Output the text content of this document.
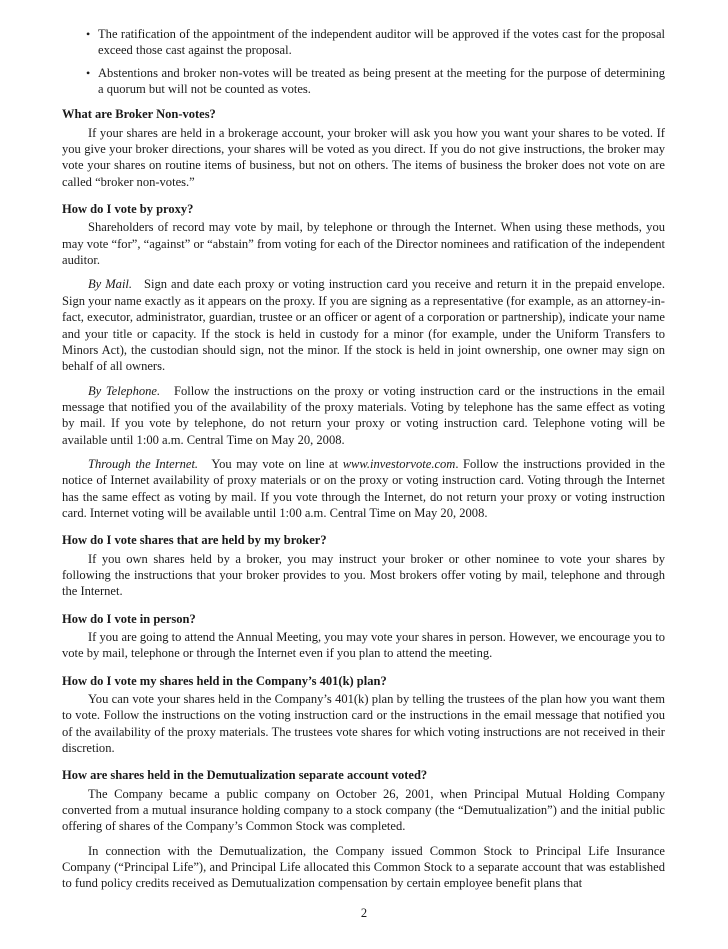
• The ratification of the appointment of the independent auditor will be approved if the votes cast for the proposal exceed those cast against the proposal.
• Abstentions and broker non-votes will be treated as being present at the meeting for the purpose of determining a quorum but will not be counted as votes.
What are Broker Non-votes?

If your shares are held in a brokerage account, your broker will ask you how you want your shares to be voted. If you give your broker directions, your shares will be voted as you direct. If you do not give instructions, the broker may vote your shares on routine items of business, but not on others. The items of business the broker does not vote on are called “broker non-votes.”

How do I vote by proxy?

Shareholders of record may vote by mail, by telephone or through the Internet. When using these methods, you may vote “for”, “against” or “abstain” from voting for each of the Director nominees and ratification of the independent auditor.

By Mail. Sign and date each proxy or voting instruction card you receive and return it in the prepaid envelope. Sign your name exactly as it appears on the proxy. If you are signing as a representative (for example, as an attorney-in-fact, executor, administrator, guardian, trustee or an officer or agent of a corporation or partnership), indicate your name and your title or capacity. If the stock is held in custody for a minor (for example, under the Uniform Transfers to Minors Act), the custodian should sign, not the minor. If the stock is held in joint ownership, one owner may sign on behalf of all owners.

By Telephone. Follow the instructions on the proxy or voting instruction card or the instructions in the email message that notified you of the availability of the proxy materials. Voting by telephone has the same effect as voting by mail. If you vote by telephone, do not return your proxy or voting instruction card. Telephone voting will be available until 1:00 a.m. Central Time on May 20, 2008.

Through the Internet. You may vote on line at www.investorvote.com. Follow the instructions provided in the notice of Internet availability of proxy materials or on the proxy or voting instruction card. Voting through the Internet has the same effect as voting by mail. If you vote through the Internet, do not return your proxy or voting instruction card. Internet voting will be available until 1:00 a.m. Central Time on May 20, 2008.

How do I vote shares that are held by my broker?

If you own shares held by a broker, you may instruct your broker or other nominee to vote your shares by following the instructions that your broker provides to you. Most brokers offer voting by mail, telephone and through the Internet.

How do I vote in person?

If you are going to attend the Annual Meeting, you may vote your shares in person. However, we encourage you to vote by mail, telephone or through the Internet even if you plan to attend the meeting.

How do I vote my shares held in the Company’s 401(k) plan?

You can vote your shares held in the Company’s 401(k) plan by telling the trustees of the plan how you want them to vote. Follow the instructions on the voting instruction card or the instructions in the email message that notified you of the availability of the proxy materials. The trustees vote shares for which voting instructions are not received in their discretion.

How are shares held in the Demutualization separate account voted?

The Company became a public company on October 26, 2001, when Principal Mutual Holding Company converted from a mutual insurance holding company to a stock company (the “Demutualization”) and the initial public offering of shares of the Company’s Common Stock was completed.

In connection with the Demutualization, the Company issued Common Stock to Principal Life Insurance Company (“Principal Life”), and Principal Life allocated this Common Stock to a separate account that was established to fund policy credits received as Demutualization compensation by certain employee benefit plans that

2
